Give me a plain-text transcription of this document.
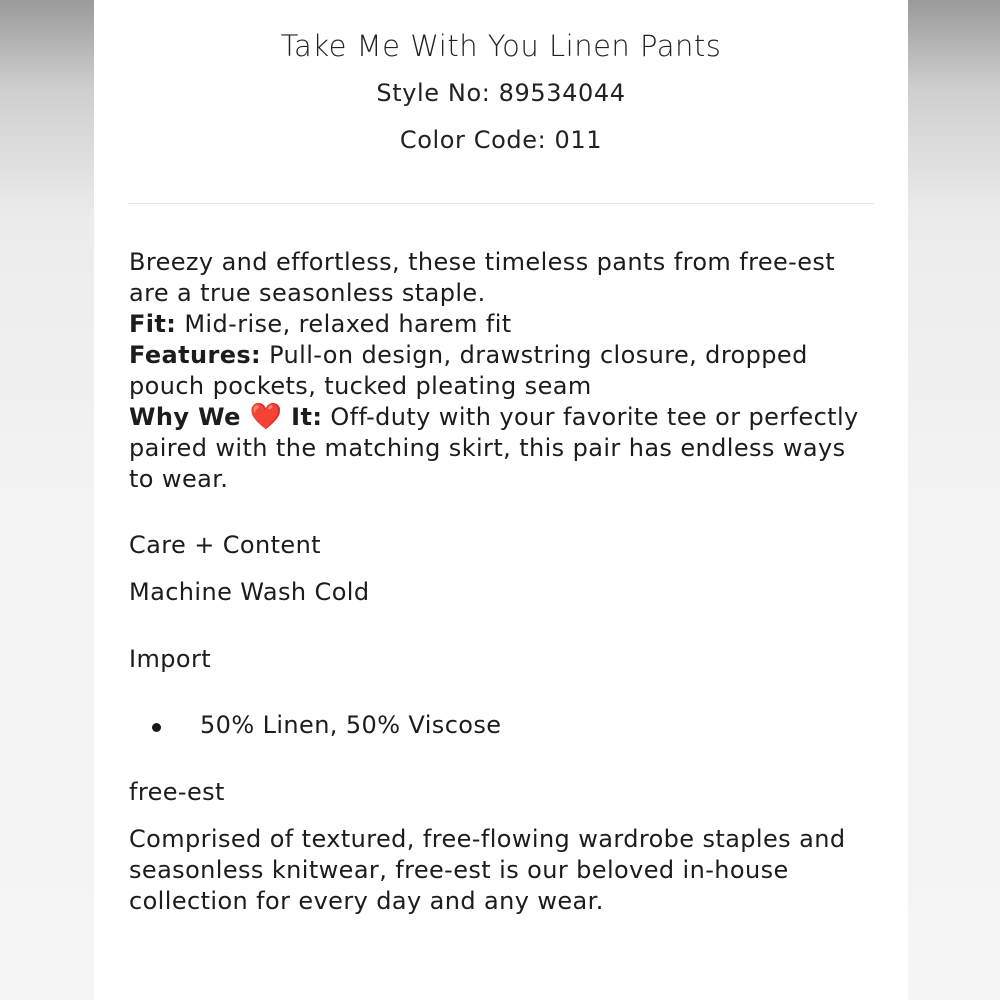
Take Me With You Linen Pants
Style No: 89534044
Color Code: 011

Breezy and effortless, these timeless pants from free-est are a true seasonless staple.

Fit: Mid-rise, relaxed harem fit

Features: Pull-on design, drawstring closure, dropped pouch pockets, tucked pleating seam

Why We ❤️ It: Off-duty with your favorite tee or perfectly paired with the matching skirt, this pair has endless ways to wear.

Care + Content

Machine Wash Cold

Import

50% Linen, 50% Viscose

free-est

Comprised of textured, free-flowing wardrobe staples and seasonless knitwear, free-est is our beloved in-house collection for every day and any wear.
